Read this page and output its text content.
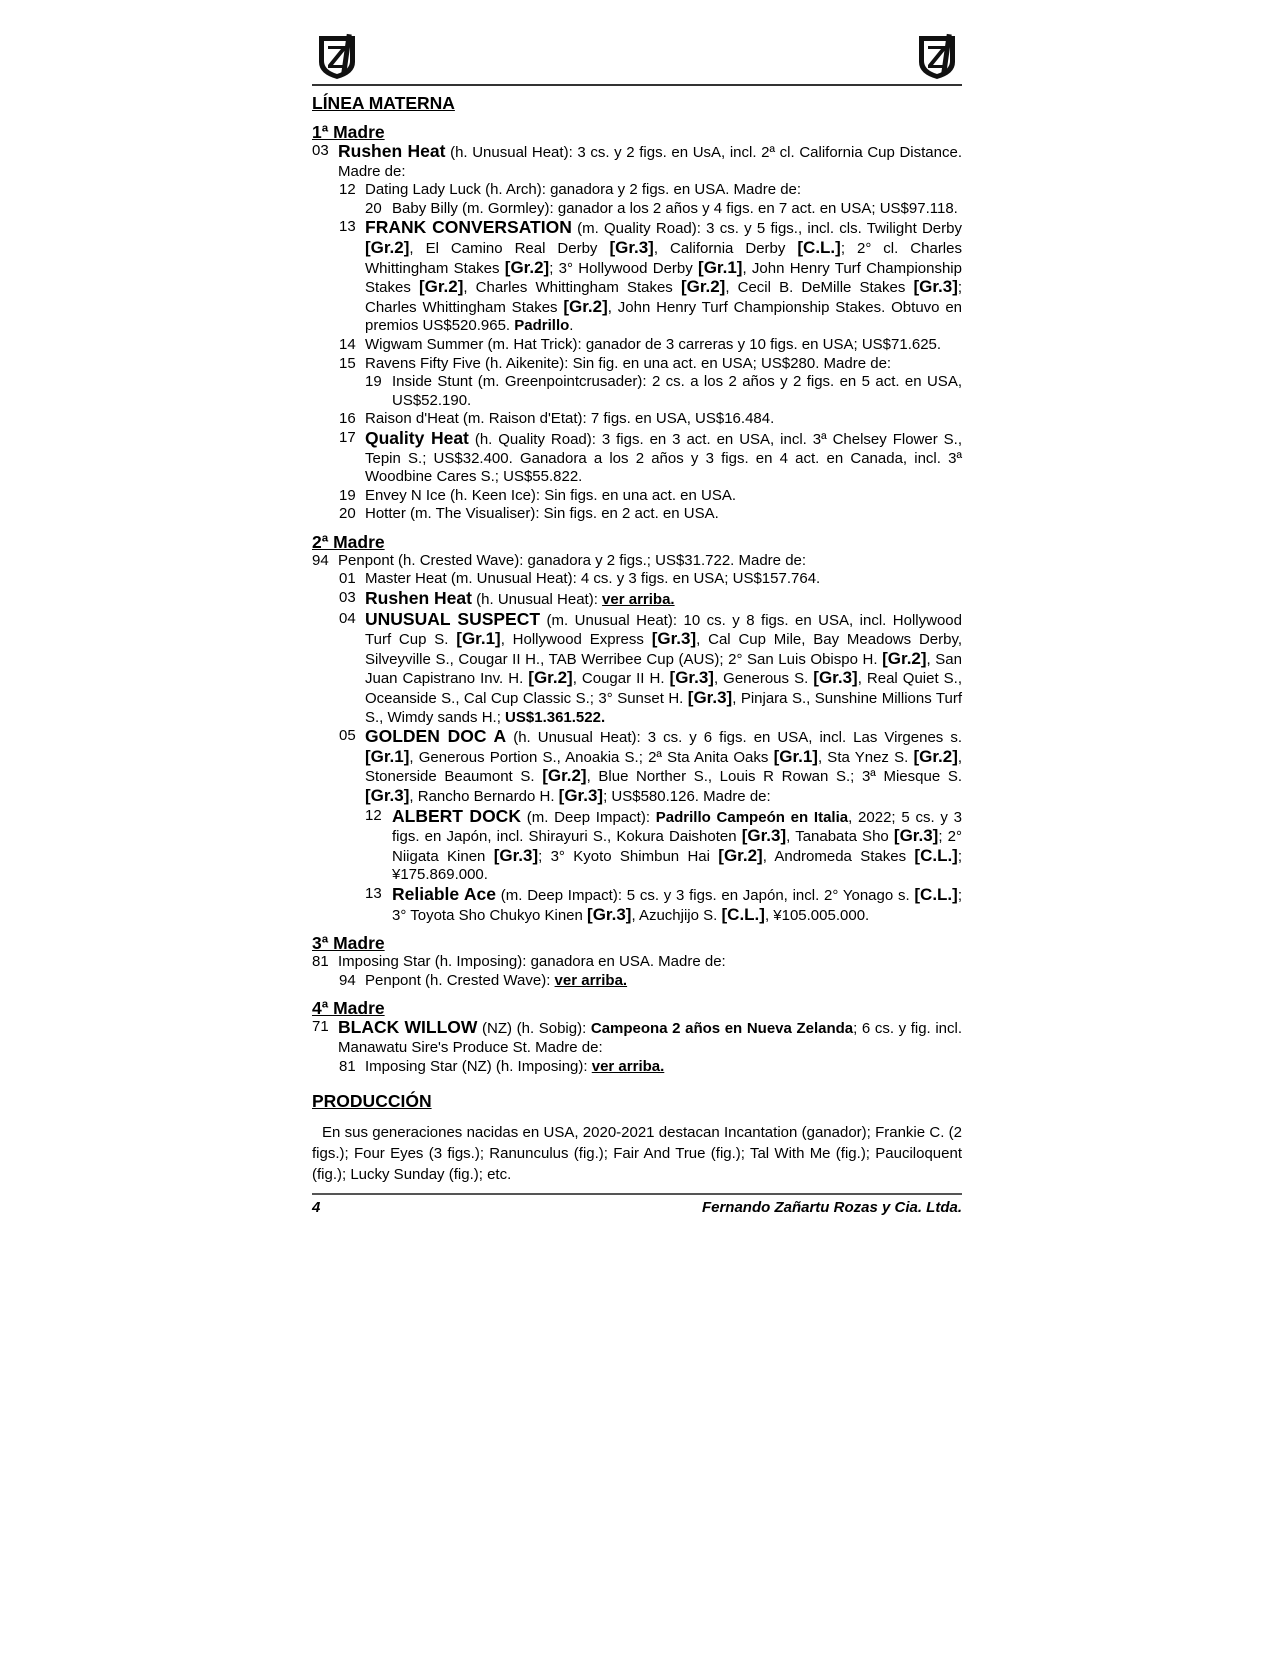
LÍNEA MATERNA
1ª Madre
03 Rushen Heat (h. Unusual Heat): 3 cs. y 2 figs. en UsA, incl. 2ª cl. California Cup Distance. Madre de:
12 Dating Lady Luck (h. Arch): ganadora y 2 figs. en USA. Madre de:
20 Baby Billy (m. Gormley): ganador a los 2 años y 4 figs. en 7 act. en USA; US$97.118.
13 FRANK CONVERSATION (m. Quality Road): 3 cs. y 5 figs., incl. cls. Twilight Derby [Gr.2], El Camino Real Derby [Gr.3], California Derby [C.L.]; 2° cl. Charles Whittingham Stakes [Gr.2]; 3° Hollywood Derby [Gr.1], John Henry Turf Championship Stakes [Gr.2], Charles Whittingham Stakes [Gr.2], Cecil B. DeMille Stakes [Gr.3]; Charles Whittingham Stakes [Gr.2], John Henry Turf Championship Stakes. Obtuvo en premios US$520.965. Padrillo.
14 Wigwam Summer (m. Hat Trick): ganador de 3 carreras y 10 figs. en USA; US$71.625.
15 Ravens Fifty Five (h. Aikenite): Sin fig. en una act. en USA; US$280. Madre de:
19 Inside Stunt (m. Greenpointcrusader): 2 cs. a los 2 años y 2 figs. en 5 act. en USA, US$52.190.
16 Raison d'Heat (m. Raison d'Etat): 7 figs. en USA, US$16.484.
17 Quality Heat (h. Quality Road): 3 figs. en 3 act. en USA, incl. 3ª Chelsey Flower S., Tepin S.; US$32.400. Ganadora a los 2 años y 3 figs. en 4 act. en Canada, incl. 3ª Woodbine Cares S.; US$55.822.
19 Envey N Ice (h. Keen Ice): Sin figs. en una act. en USA.
20 Hotter (m. The Visualiser): Sin figs. en 2 act. en USA.
2ª Madre
94 Penpont (h. Crested Wave): ganadora y 2 figs.; US$31.722. Madre de:
01 Master Heat (m. Unusual Heat): 4 cs. y 3 figs. en USA; US$157.764.
03 Rushen Heat (h. Unusual Heat): ver arriba.
04 UNUSUAL SUSPECT (m. Unusual Heat): 10 cs. y 8 figs. en USA, incl. Hollywood Turf Cup S. [Gr.1], Hollywood Express [Gr.3], Cal Cup Mile, Bay Meadows Derby, Silveyville S., Cougar II H., TAB Werribee Cup (AUS); 2° San Luis Obispo H. [Gr.2], San Juan Capistrano Inv. H. [Gr.2], Cougar II H. [Gr.3], Generous S. [Gr.3], Real Quiet S., Oceanside S., Cal Cup Classic S.; 3° Sunset H. [Gr.3], Pinjara S., Sunshine Millions Turf S., Wimdy sands H.; US$1.361.522.
05 GOLDEN DOC A (h. Unusual Heat): 3 cs. y 6 figs. en USA, incl. Las Virgenes s. [Gr.1], Generous Portion S., Anoakia S.; 2ª Sta Anita Oaks [Gr.1], Sta Ynez S. [Gr.2], Stonerside Beaumont S. [Gr.2], Blue Norther S., Louis R Rowan S.; 3ª Miesque S. [Gr.3], Rancho Bernardo H. [Gr.3]; US$580.126. Madre de:
12 ALBERT DOCK (m. Deep Impact): Padrillo Campeón en Italia, 2022; 5 cs. y 3 figs. en Japón, incl. Shirayuri S., Kokura Daishoten [Gr.3], Tanabata Sho [Gr.3]; 2° Niigata Kinen [Gr.3]; 3° Kyoto Shimbun Hai [Gr.2], Andromeda Stakes [C.L.]; ¥175.869.000.
13 Reliable Ace (m. Deep Impact): 5 cs. y 3 figs. en Japón, incl. 2° Yonago s. [C.L.]; 3° Toyota Sho Chukyo Kinen [Gr.3], Azuchjijo S. [C.L.], ¥105.005.000.
3ª Madre
81 Imposing Star (h. Imposing): ganadora en USA. Madre de:
94 Penpont (h. Crested Wave): ver arriba.
4ª Madre
71 BLACK WILLOW (NZ) (h. Sobig): Campeona 2 años en Nueva Zelanda; 6 cs. y fig. incl. Manawatu Sire's Produce St. Madre de:
81 Imposing Star (NZ) (h. Imposing): ver arriba.
PRODUCCIÓN
En sus generaciones nacidas en USA, 2020-2021 destacan Incantation (ganador); Frankie C. (2 figs.); Four Eyes (3 figs.); Ranunculus (fig.); Fair And True (fig.); Tal With Me (fig.); Pauciloquent (fig.); Lucky Sunday (fig.); etc.
4	Fernando Zañartu Rozas y Cia. Ltda.
